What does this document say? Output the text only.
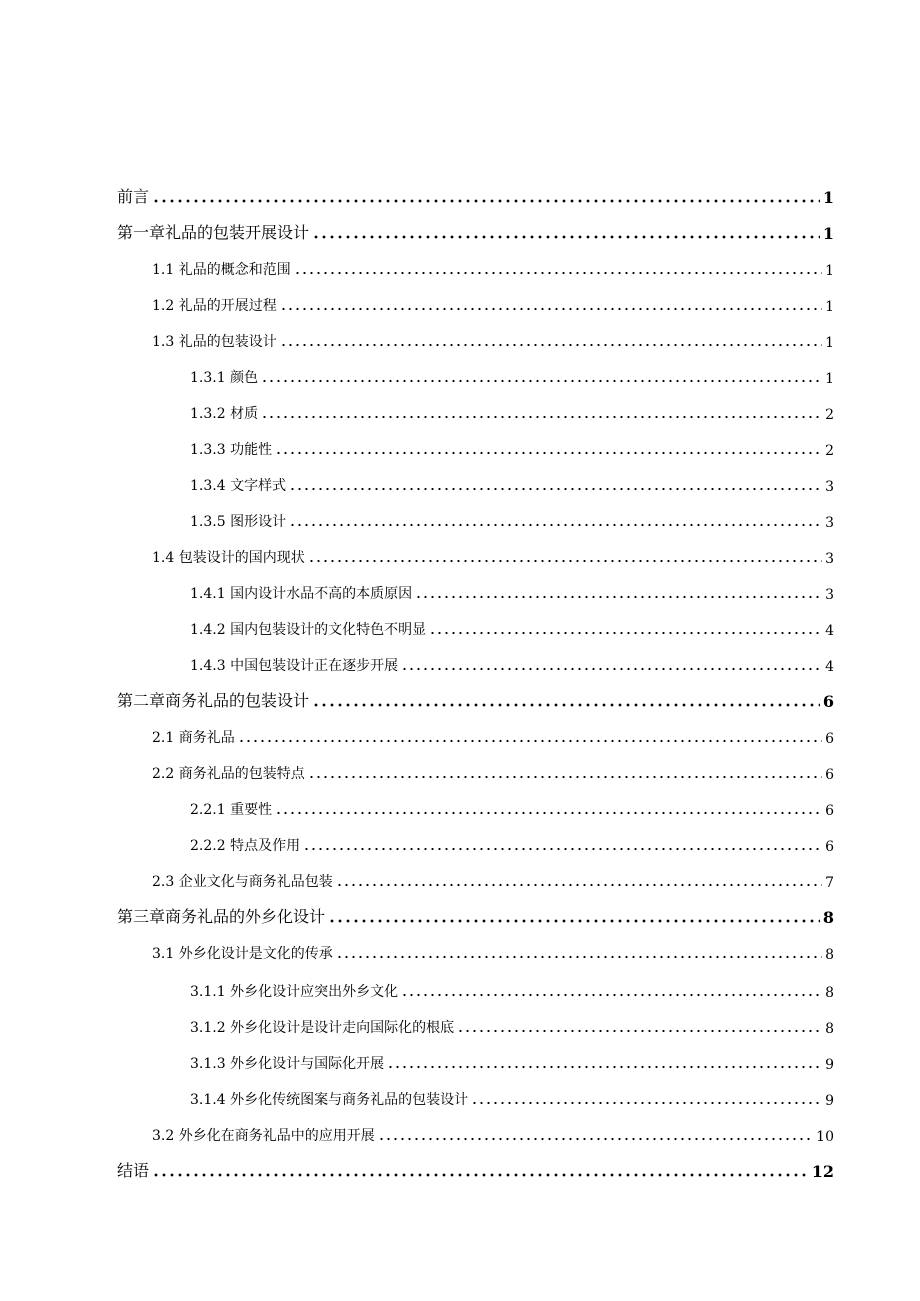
前言	1
第一章礼品的包装开展设计	1
1.1 礼品的概念和范围	1
1.2 礼品的开展过程	1
1.3 礼品的包装设计	1
1.3.1 颜色	1
1.3.2 材质	2
1.3.3 功能性	2
1.3.4 文字样式	3
1.3.5 图形设计	3
1.4 包装设计的国内现状	3
1.4.1 国内设计水品不高的本质原因	3
1.4.2 国内包装设计的文化特色不明显	4
1.4.3 中国包装设计正在逐步开展	4
第二章商务礼品的包装设计	6
2.1 商务礼品	6
2.2 商务礼品的包装特点	6
2.2.1 重要性	6
2.2.2 特点及作用	6
2.3 企业文化与商务礼品包装	7
第三章商务礼品的外乡化设计	8
3.1 外乡化设计是文化的传承	8
3.1.1 外乡化设计应突出外乡文化	8
3.1.2 外乡化设计是设计走向国际化的根底	8
3.1.3 外乡化设计与国际化开展	9
3.1.4 外乡化传统图案与商务礼品的包装设计	9
3.2 外乡化在商务礼品中的应用开展	10
结语	12
